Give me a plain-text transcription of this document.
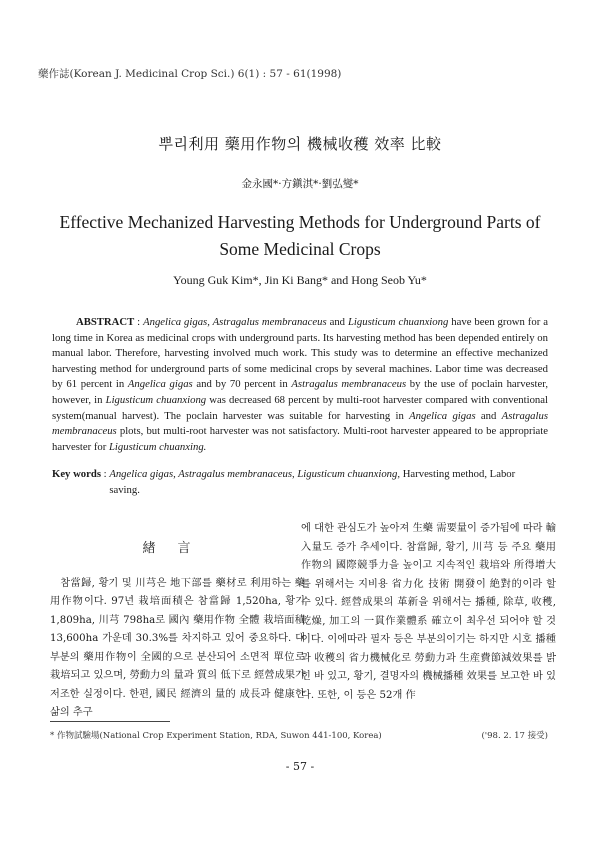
藥作誌(Korean J. Medicinal Crop Sci.) 6(1) : 57 - 61(1998)
뿌리利用 藥用作物의 機械收穫 效率 比較
金永國*·方鎭淇*·劉弘燮*
Effective Mechanized Harvesting Methods for Underground Parts of
Some Medicinal Crops
Young Guk Kim*, Jin Ki Bang* and Hong Seob Yu*
ABSTRACT : Angelica gigas, Astragalus membranaceus and Ligusticum chuanxiong have been grown for a long time in Korea as medicinal crops with underground parts. Its harvesting method has been depended entirely on manual labor. Therefore, harvesting involved much work. This study was to determine an effective mechanized harvesting method for underground parts of some medicinal crops by several machines. Labor time was decreased by 61 percent in Angelica gigas and by 70 percent in Astragalus membranaceus by the use of poclain harvester, however, in Ligusticum chuanxiong was decreased 68 percent by multi-root harvester compared with conventional system(manual harvest). The poclain harvester was suitable for harvesting in Angelica gigas and Astragalus membranaceus plots, but multi-root harvester was not satisfactory. Multi-root harvester appeared to be appropriate harvester for Ligusticum chuanxing.
Key words : Angelica gigas, Astragalus membranaceus, Ligusticum chuanxiong, Harvesting method, Labor saving.
緖言

참當歸, 황기 및 川芎은 地下部를 藥材로 利用하는 藥用作物이다. 97년 栽培面積은 참當歸 1,520ha, 황기 1,809ha, 川芎 798ha로 國內 藥用作物 全體 栽培面積 13,600ha 가운데 30.3%를 차지하고 있어 중요하다. 대부분의 藥用作物이 全國的으로 분산되어 소면적 單位로 栽培되고 있으며, 勞動力의 量과 質의 低下로 經營成果가 저조한 실정이다. 한편, 國民 經濟의 量的 成長과 健康한 삶의 추구

에 대한 관심도가 높아져 生藥 需要量이 증가됨에 따라 輸入量도 증가 추세이다. 참當歸, 황기, 川芎 등 주요 藥用作物의 國際競爭力을 높이고 지속적인 栽培와 所得增大를 위해서는 지비용 省力化 技術 開發이 絶對的이라 할 수 있다. 經營成果의 革新을 위해서는 播種, 除草, 收穫, 乾燥, 加工의 一貫作業體系 確立이 최우선 되어야 할 것이다. 이에따라 필자 등은 부분의이기는 하지만 시호 播種과 收穫의 省力機械化로 勞動力과 生産費節減效果를 밝힌 바 있고, 황기, 결명자의 機械播種 效果를 보고한 바 있다. 또한, 이 등은 52개 作

* 作物試驗場(National Crop Experiment Station, RDA, Suwon 441-100, Korea)	('98. 2. 17 接受)
- 57 -
